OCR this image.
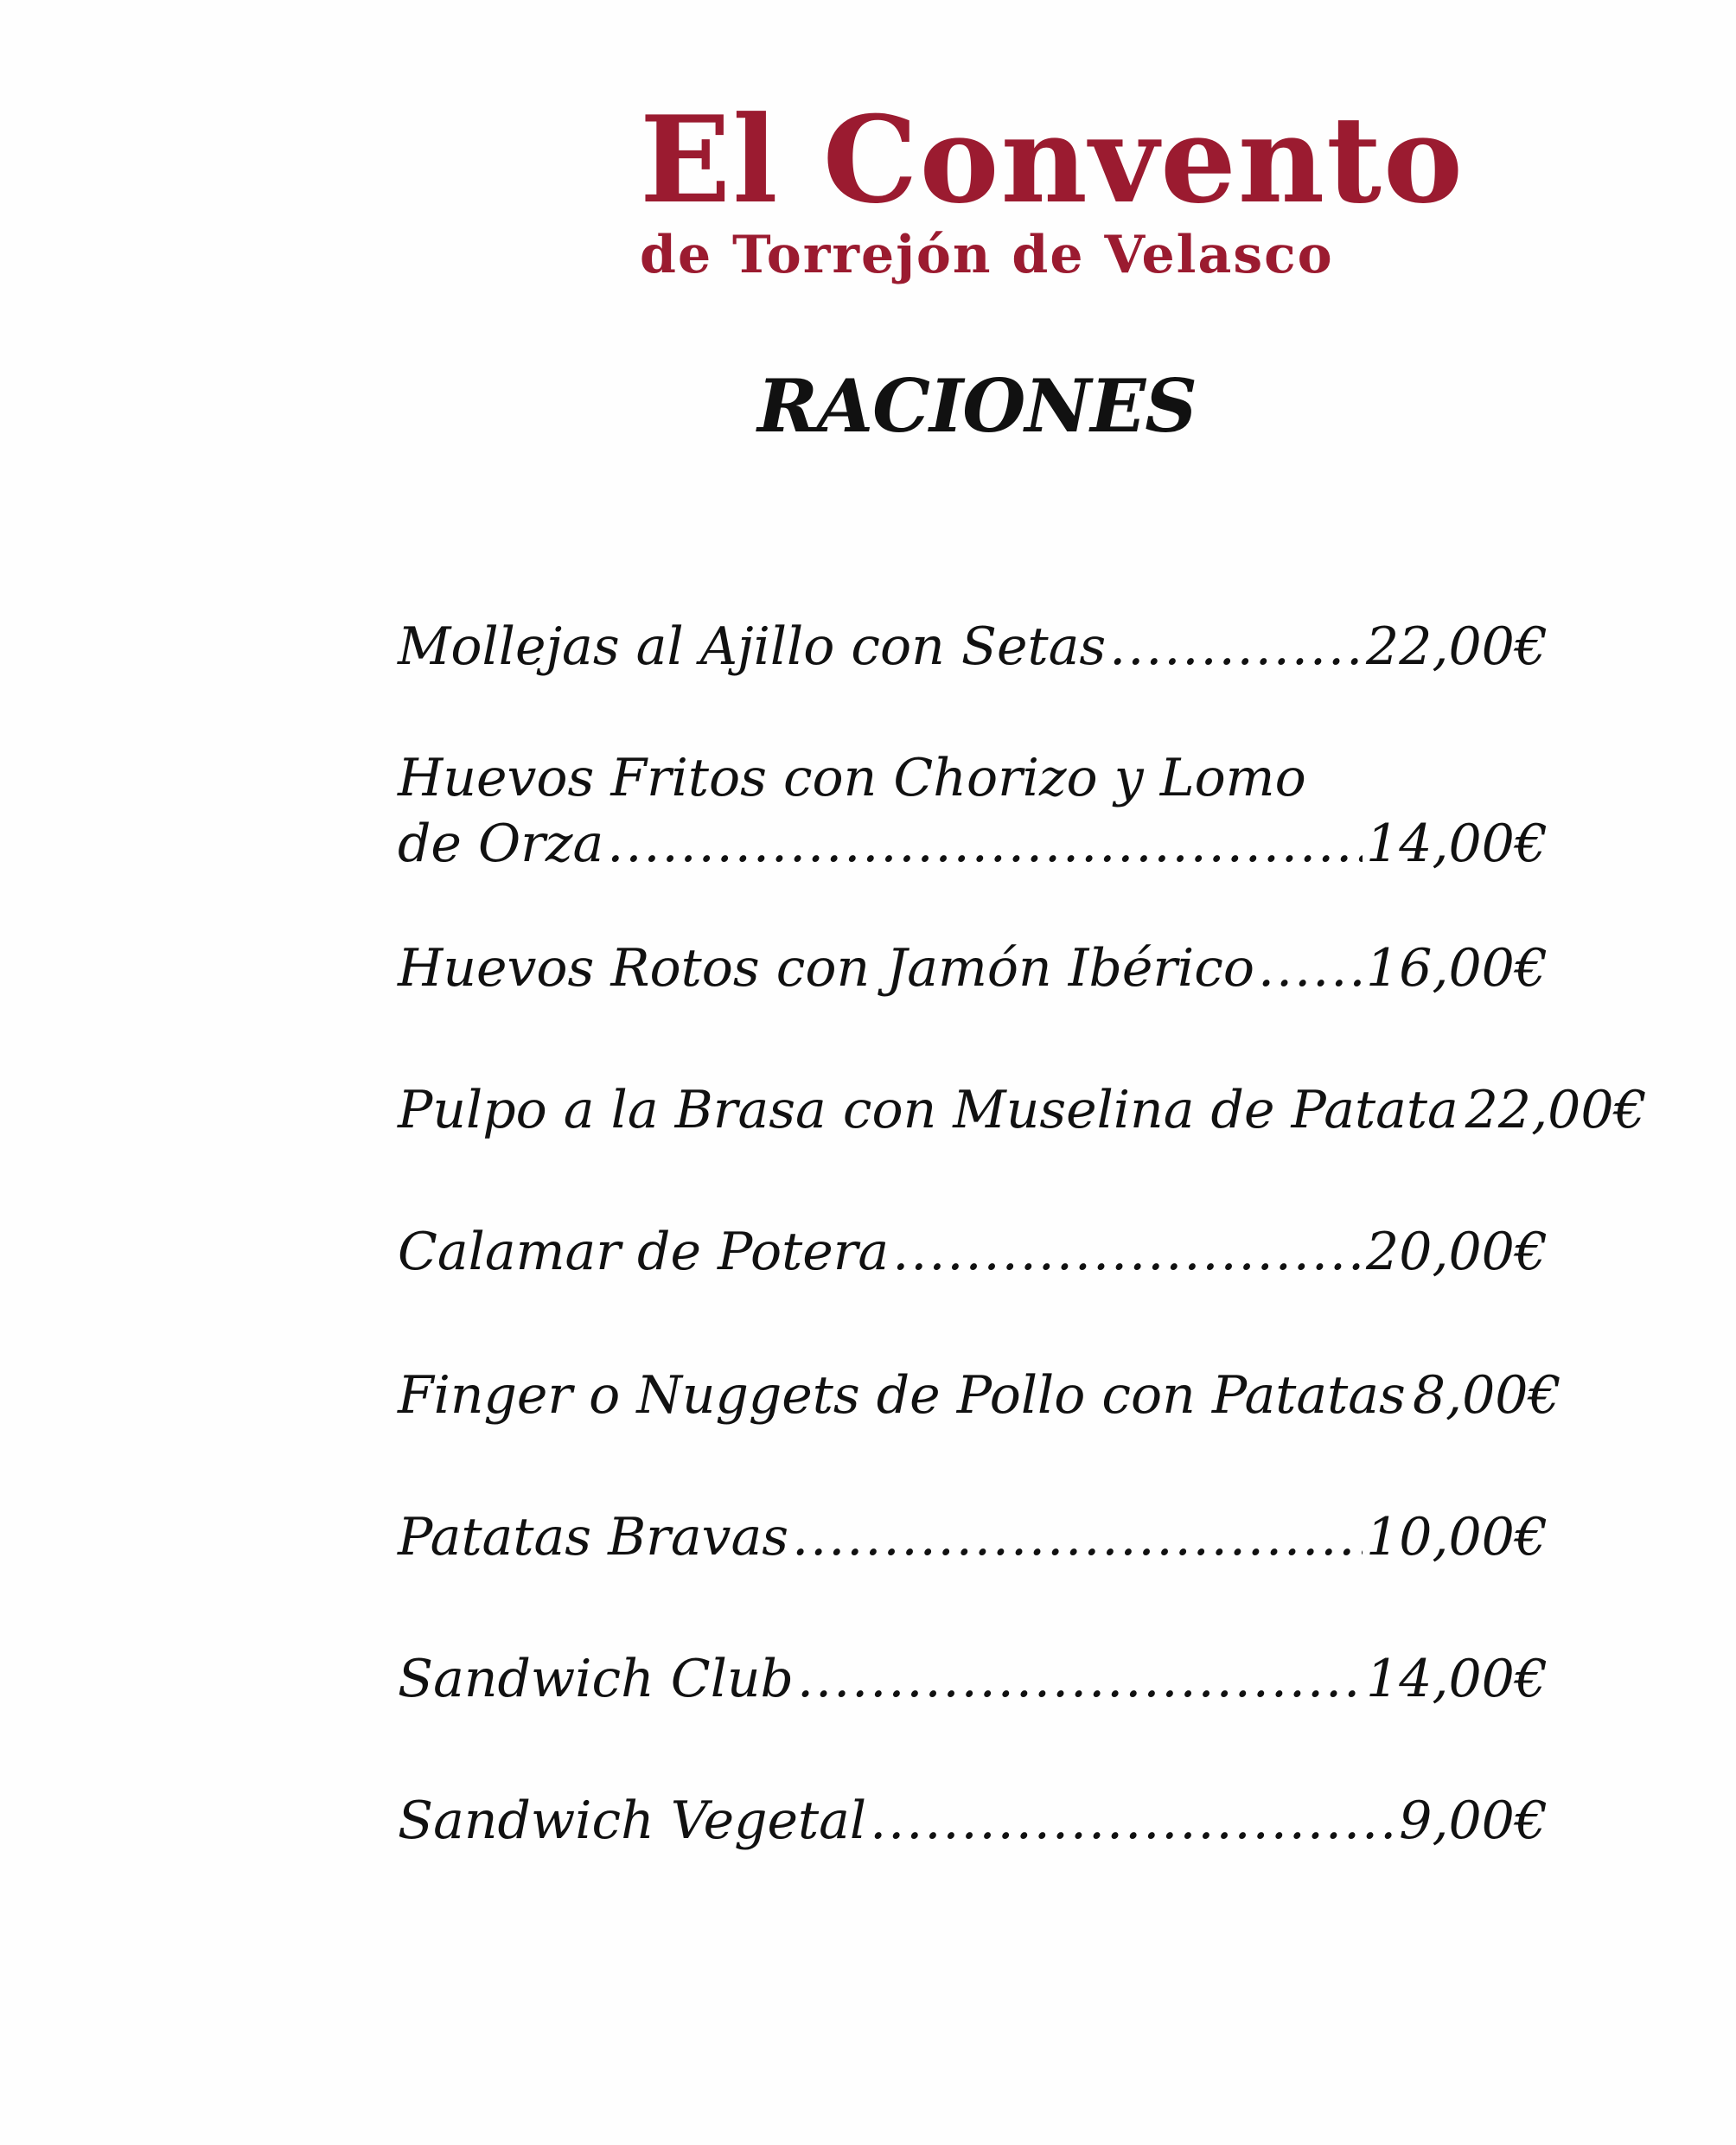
El Convento
de Torrejón de Velasco
RACIONES
Mollejas al Ajillo con Setas .....	22,00€
Huevos Fritos con Chorizo y Lomo
de Orza .....	14,00€
Huevos Rotos con Jamón Ibérico ..... 16,00€
Pulpo a la Brasa con Muselina de Patata 22,00€
Calamar de Potera .....	20,00€
Finger o Nuggets de Pollo con Patatas 8,00€
Patatas Bravas .....	10,00€
Sandwich Club .....	14,00€
Sandwich Vegetal .....	9,00€
